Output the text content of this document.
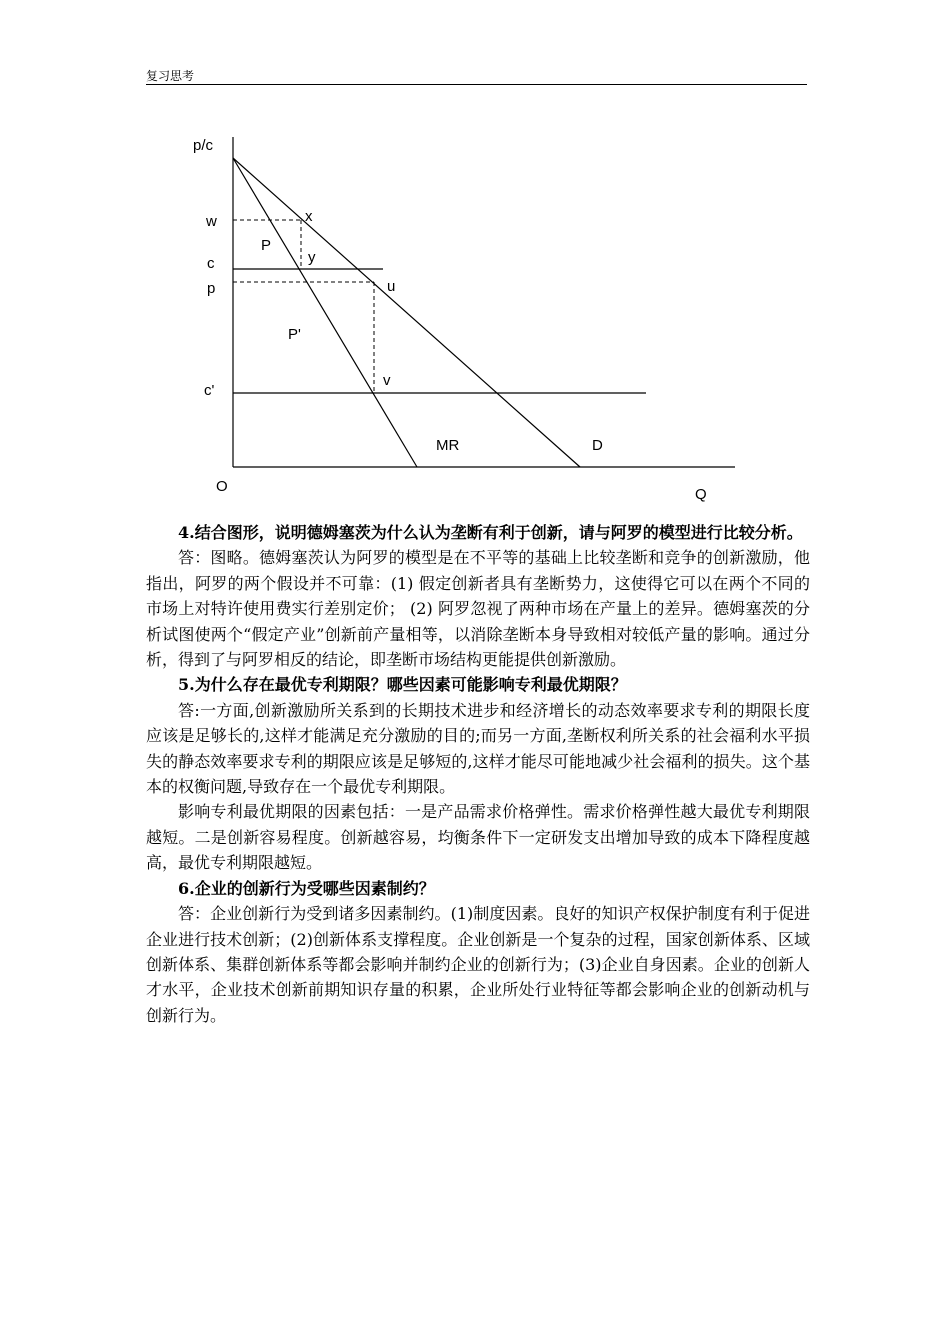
复习思考
p/c
w
c
p
c'
O	Q
x
y
u
v
P
P'
MR	D

4.结合图形，说明德姆塞茨为什么认为垄断有利于创新，请与阿罗的模型进行比较分析。

答：图略。德姆塞茨认为阿罗的模型是在不平等的基础上比较垄断和竞争的创新激励，他指出，阿罗的两个假设并不可靠：(1) 假定创新者具有垄断势力，这使得它可以在两个不同的市场上对特许使用费实行差别定价； (2) 阿罗忽视了两种市场在产量上的差异。德姆塞茨的分析试图使两个“假定产业”创新前产量相等，以消除垄断本身导致相对较低产量的影响。通过分析，得到了与阿罗相反的结论，即垄断市场结构更能提供创新激励。

5.为什么存在最优专利期限？哪些因素可能影响专利最优期限？

答:一方面,创新激励所关系到的长期技术进步和经济增长的动态效率要求专利的期限长度应该是足够长的,这样才能满足充分激励的目的;而另一方面,垄断权利所关系的社会福利水平损失的静态效率要求专利的期限应该是足够短的,这样才能尽可能地减少社会福利的损失。这个基本的权衡问题,导致存在一个最优专利期限。

影响专利最优期限的因素包括：一是产品需求价格弹性。需求价格弹性越大最优专利期限越短。二是创新容易程度。创新越容易，均衡条件下一定研发支出增加导致的成本下降程度越高，最优专利期限越短。

6.企业的创新行为受哪些因素制约？

答：企业创新行为受到诸多因素制约。(1)制度因素。良好的知识产权保护制度有利于促进企业进行技术创新；(2)创新体系支撑程度。企业创新是一个复杂的过程，国家创新体系、区域创新体系、集群创新体系等都会影响并制约企业的创新行为；(3)企业自身因素。企业的创新人才水平，企业技术创新前期知识存量的积累，企业所处行业特征等都会影响企业的创新动机与创新行为。
